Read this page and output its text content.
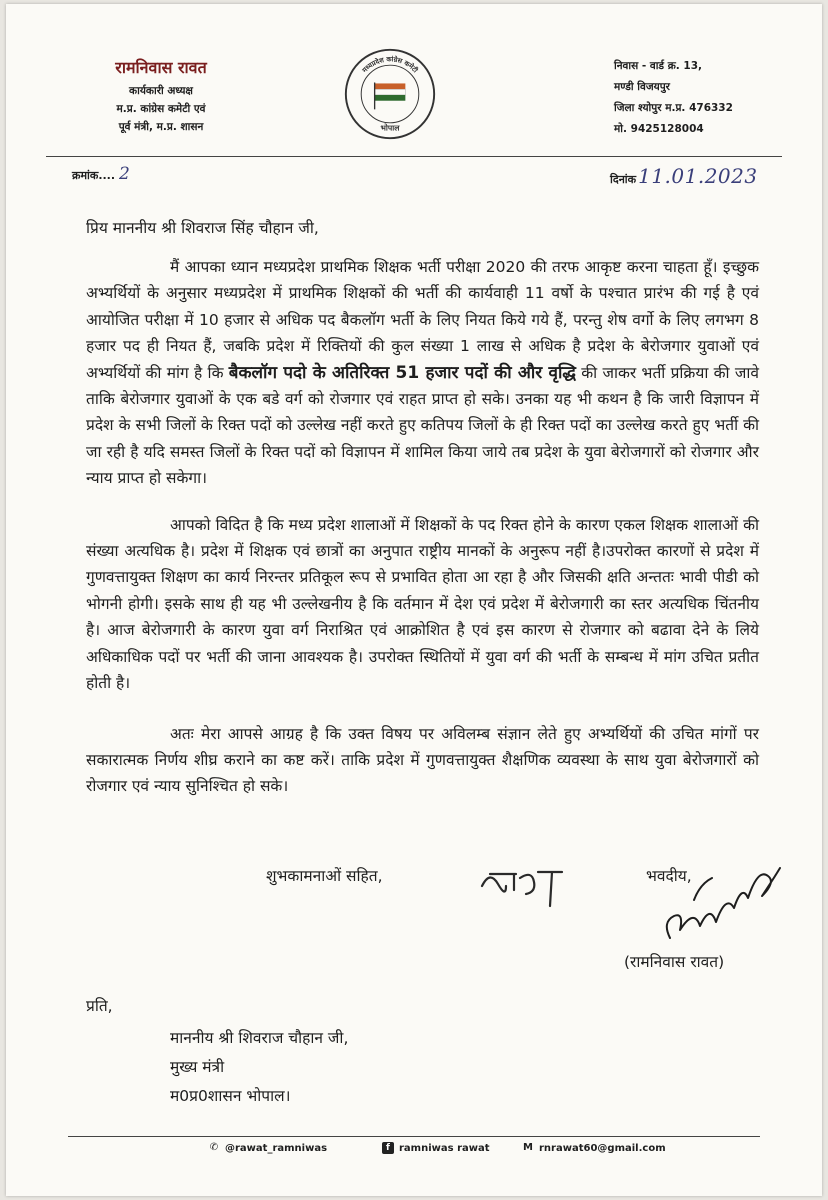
रामनिवास रावत
कार्यकारी अध्यक्ष
म.प्र. कांग्रेस कमेटी एवं
पूर्व मंत्री, म.प्र. शासन
मध्यप्रदेश कांग्रेस कमेटी
भोपाल
निवास - वार्ड क्र. 13,
मण्डी विजयपुर
जिला श्योपुर म.प्र. 476332
मो. 9425128004
क्रमांक.... 2	दिनांक 11.01.2023
प्रिय माननीय श्री शिवराज सिंह चौहान जी,

मैं आपका ध्यान मध्यप्रदेश प्राथमिक शिक्षक भर्ती परीक्षा 2020 की तरफ आकृष्ट करना चाहता हूँ। इच्छुक अभ्यर्थियों के अनुसार मध्यप्रदेश में प्राथमिक शिक्षकों की भर्ती की कार्यवाही 11 वर्षो के पश्चात प्रारंभ की गई है एवं आयोजित परीक्षा में 10 हजार से अधिक पद बैकलॉग भर्ती के लिए नियत किये गये हैं, परन्तु शेष वर्गो के लिए लगभग 8 हजार पद ही नियत हैं, जबकि प्रदेश में रिक्तियों की कुल संख्या 1 लाख से अधिक है प्रदेश के बेरोजगार युवाओं एवं अभ्यर्थियों की मांग है कि बैकलॉग पदो के अतिरिक्त 51 हजार पदों की और वृद्धि की जाकर भर्ती प्रक्रिया की जावे ताकि बेरोजगार युवाओं के एक बडे वर्ग को रोजगार एवं राहत प्राप्त हो सके। उनका यह भी कथन है कि जारी विज्ञापन में प्रदेश के सभी जिलों के रिक्त पदों को उल्लेख नहीं करते हुए कतिपय जिलों के ही रिक्त पदों का उल्लेख करते हुए भर्ती की जा रही है यदि समस्त जिलों के रिक्त पदों को विज्ञापन में शामिल किया जाये तब प्रदेश के युवा बेरोजगारों को रोजगार और न्याय प्राप्त हो सकेगा।

आपको विदित है कि मध्य प्रदेश शालाओं में शिक्षकों के पद रिक्त होने के कारण एकल शिक्षक शालाओं की संख्या अत्यधिक है। प्रदेश में शिक्षक एवं छात्रों का अनुपात राष्ट्रीय मानकों के अनुरूप नहीं है।उपरोक्त कारणों से प्रदेश में गुणवत्तायुक्त शिक्षण का कार्य निरन्तर प्रतिकूल रूप से प्रभावित होता आ रहा है और जिसकी क्षति अन्ततः भावी पीडी को भोगनी होगी। इसके साथ ही यह भी उल्लेखनीय है कि वर्तमान में देश एवं प्रदेश में बेरोजगारी का स्तर अत्यधिक चिंतनीय है। आज बेरोजगारी के कारण युवा वर्ग निराश्रित एवं आक्रोशित है एवं इस कारण से रोजगार को बढावा देने के लिये अधिकाधिक पदों पर भर्ती की जाना आवश्यक है। उपरोक्त स्थितियों में युवा वर्ग की भर्ती के सम्बन्ध में मांग उचित प्रतीत होती है।

अतः मेरा आपसे आग्रह है कि उक्त विषय पर अविलम्ब संज्ञान लेते हुए अभ्यर्थियों की उचित मांगों पर सकारात्मक निर्णय शीघ्र कराने का कष्ट करें। ताकि प्रदेश में गुणवत्तायुक्त शैक्षणिक व्यवस्था के साथ युवा बेरोजगारों को रोजगार एवं न्याय सुनिश्चित हो सके।

शुभकामनाओं सहित,	भवदीय,
(रामनिवास रावत)
प्रति,
माननीय श्री शिवराज चौहान जी,
मुख्य मंत्री
म0प्र0शासन भोपाल।
✆ @rawat_ramniwas	f ramniwas rawat	M rnrawat60@gmail.com
